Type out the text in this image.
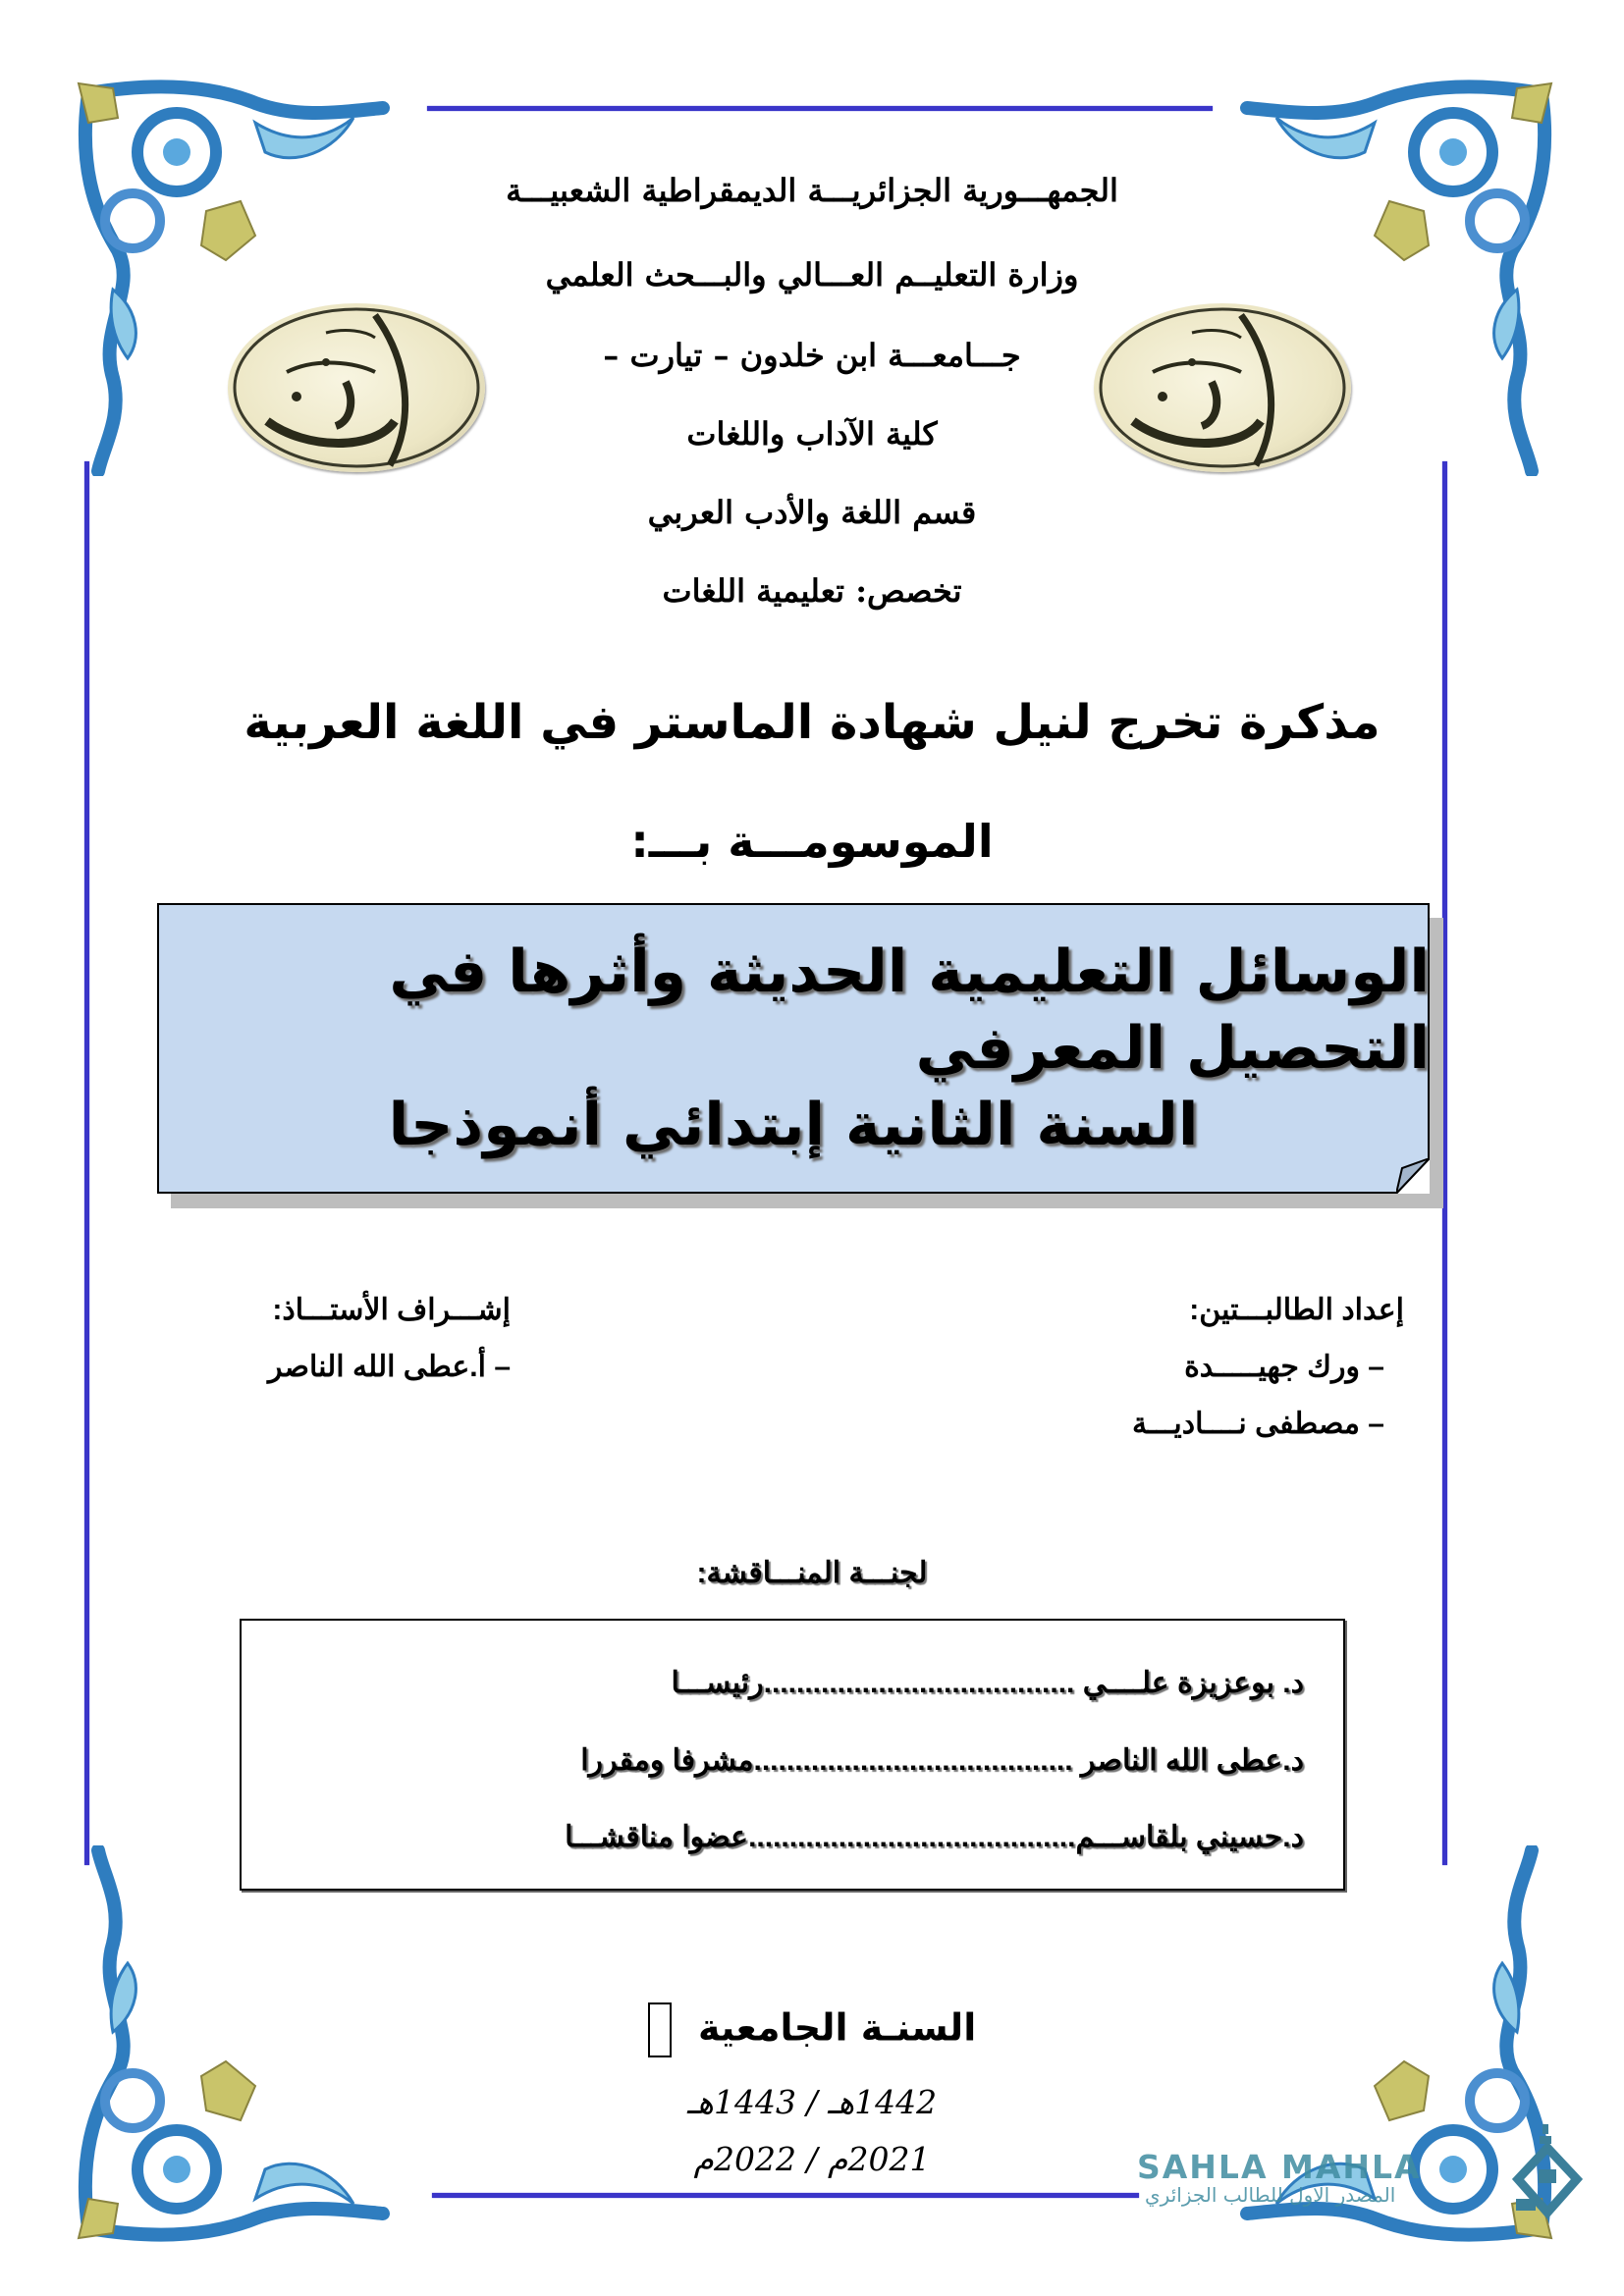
الجمهـــورية الجزائريـــة الديمقراطية الشعبيـــة
وزارة التعليــم العـــالي والبـــحث العلمي
جـــامعـــة ابن خلدون – تيارت –
كلية الآداب واللغات
قسم اللغة والأدب العربي
تخصص: تعليمية اللغات
مذكرة تخرج لنيل شهادة الماستر في اللغة العربية
الموسومـــة بـــ:
الوسائل التعليمية الحديثة وأثرها في التحصيل المعرفي
السنة الثانية إبتدائي أنموذجا
إعداد الطالبـــتين:
– ورك جهيـــــدة
– مصطفى نــــاديـــة
إشـــراف الأستـــاذ:
– أ.عطى الله الناصر
لجنـــة المنـــاقشة:
د. بوعزيزة علــــي ......................................رئيســـا
د.عطى الله الناصر .......................................مشرفا ومقررا
د.حسيني بلقاســـم........................................عضوا مناقشـــا
السنـة الجامعية
1442هـ / 1443هـ
2021م / 2022م	SAHLA MAHLA
المصدر الاول للطالب الجزائري
